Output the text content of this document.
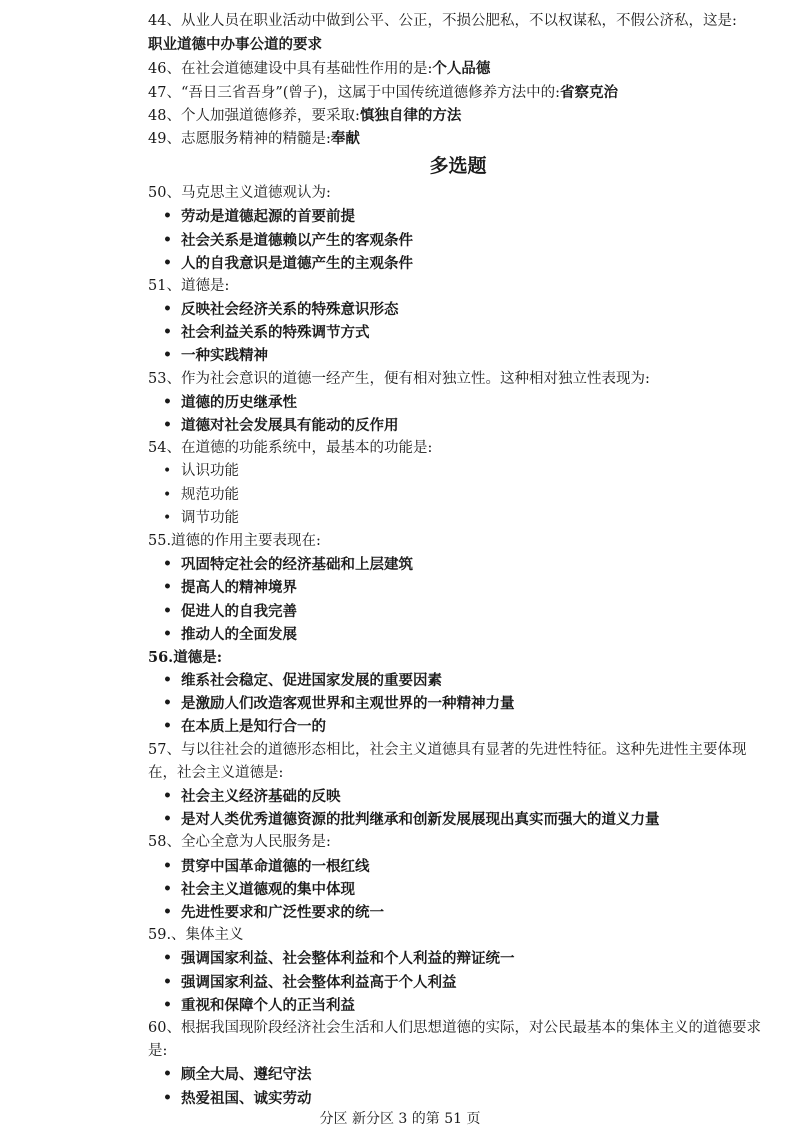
44、从业人员在职业活动中做到公平、公正，不损公肥私，不以权谋私，不假公济私，这是:
职业道德中办事公道的要求
46、在社会道德建设中具有基础性作用的是:个人品德
47、“吾日三省吾身”(曾子)，这属于中国传统道德修养方法中的:省察克治
48、个人加强道德修养，要采取:慎独自律的方法
49、志愿服务精神的精髓是:奉献
多选题
50、马克思主义道德观认为:
• 劳动是道德起源的首要前提
• 社会关系是道德赖以产生的客观条件
• 人的自我意识是道德产生的主观条件
51、道德是:
• 反映社会经济关系的特殊意识形态
• 社会利益关系的特殊调节方式
• 一种实践精神
53、作为社会意识的道德一经产生，便有相对独立性。这种相对独立性表现为:
• 道德的历史继承性
• 道德对社会发展具有能动的反作用
54、在道德的功能系统中，最基本的功能是:
• 认识功能
• 规范功能
• 调节功能
55.道德的作用主要表现在:
• 巩固特定社会的经济基础和上层建筑
• 提高人的精神境界
• 促进人的自我完善
• 推动人的全面发展
56.道德是:
• 维系社会稳定、促进国家发展的重要因素
• 是激励人们改造客观世界和主观世界的一种精神力量
• 在本质上是知行合一的
57、与以往社会的道德形态相比，社会主义道德具有显著的先进性特征。这种先进性主要体现在，社会主义道德是:
• 社会主义经济基础的反映
• 是对人类优秀道德资源的批判继承和创新发展展现出真实而强大的道义力量
58、全心全意为人民服务是:
• 贯穿中国革命道德的一根红线
• 社会主义道德观的集中体现
• 先进性要求和广泛性要求的统一
59.、集体主义
• 强调国家利益、社会整体利益和个人利益的辩证统一
• 强调国家利益、社会整体利益高于个人利益
• 重视和保障个人的正当利益
60、根据我国现阶段经济社会生活和人们思想道德的实际，对公民最基本的集体主义的道德要求是:
• 顾全大局、遵纪守法
• 热爱祖国、诚实劳动
分区 新分区 3 的第 51 页
